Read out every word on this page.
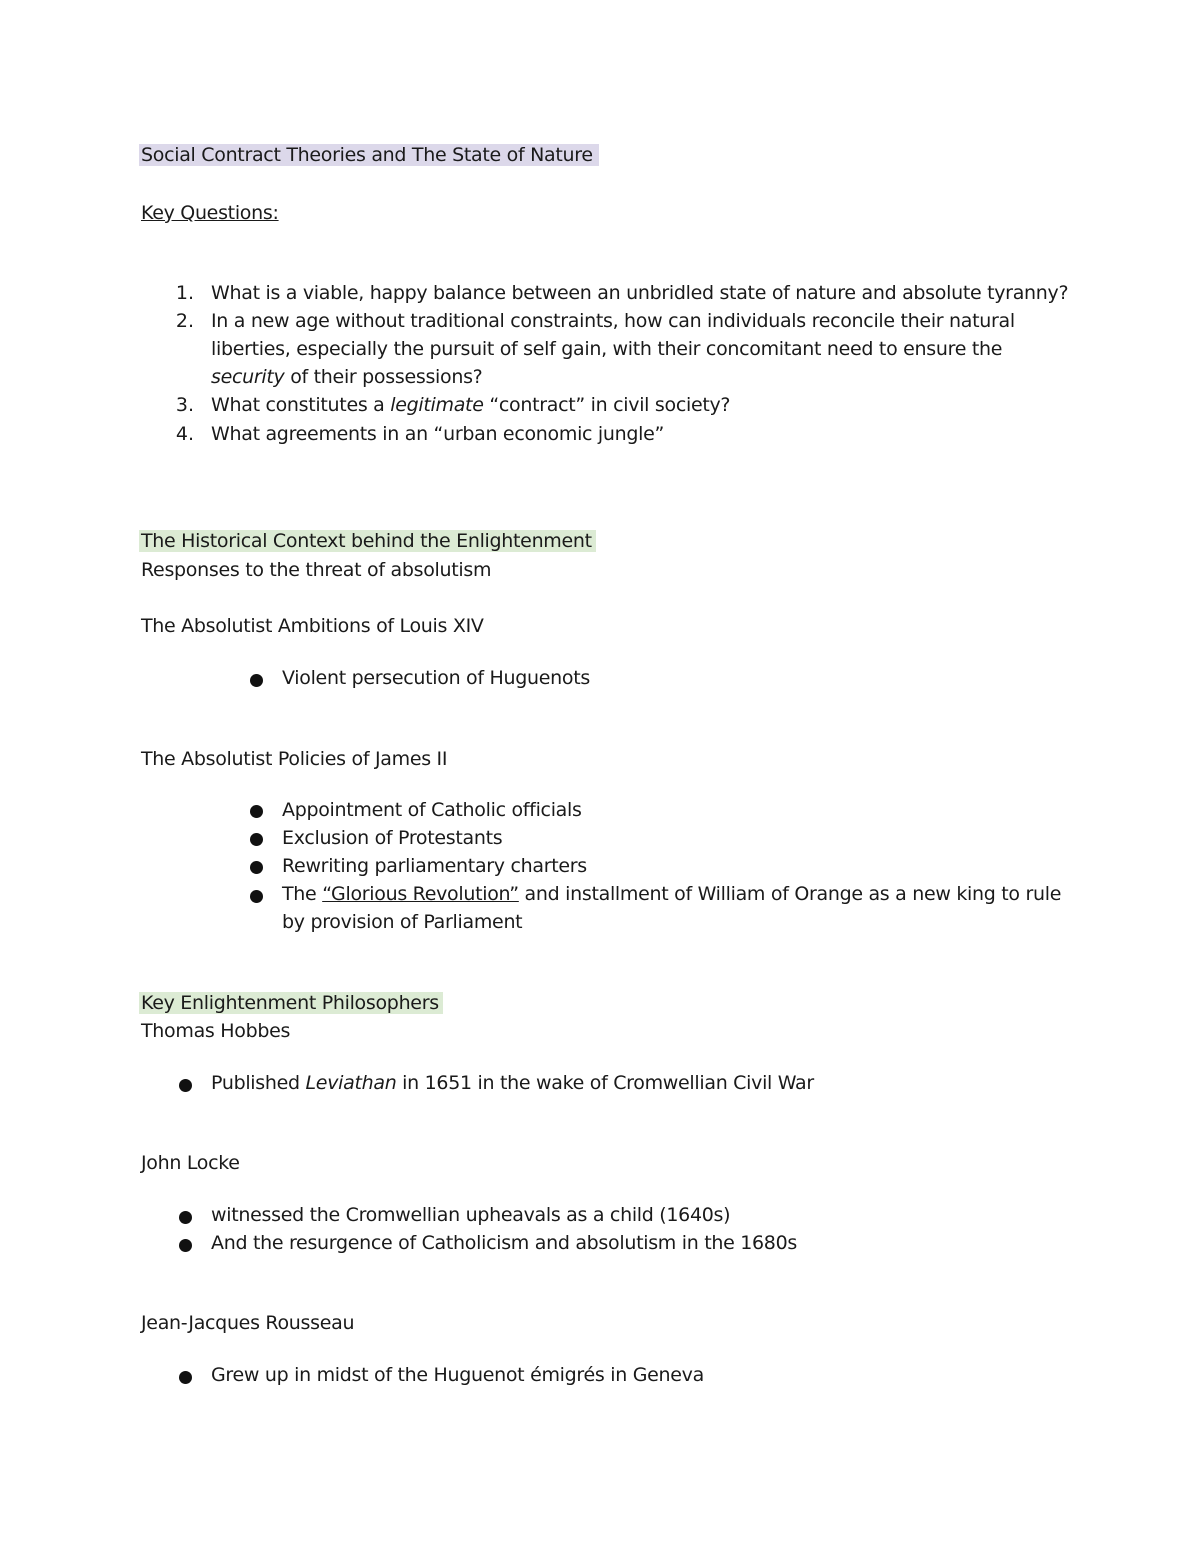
Social Contract Theories and The State of Nature
Key Questions:
1. What is a viable, happy balance between an unbridled state of nature and absolute tyranny?
2. In a new age without traditional constraints, how can individuals reconcile their natural
liberties, especially the pursuit of self gain, with their concomitant need to ensure the
security of their possessions?
3. What constitutes a legitimate “contract” in civil society?
4. What agreements in an “urban economic jungle”
The Historical Context behind the Enlightenment
Responses to the threat of absolutism
The Absolutist Ambitions of Louis XIV
Violent persecution of Huguenots
The Absolutist Policies of James II
Appointment of Catholic officials
Exclusion of Protestants
Rewriting parliamentary charters
The “Glorious Revolution” and installment of William of Orange as a new king to rule
by provision of Parliament
Key Enlightenment Philosophers
Thomas Hobbes
Published Leviathan in 1651 in the wake of Cromwellian Civil War
John Locke
witnessed the Cromwellian upheavals as a child (1640s)
And the resurgence of Catholicism and absolutism in the 1680s
Jean-Jacques Rousseau
Grew up in midst of the Huguenot émigrés in Geneva
